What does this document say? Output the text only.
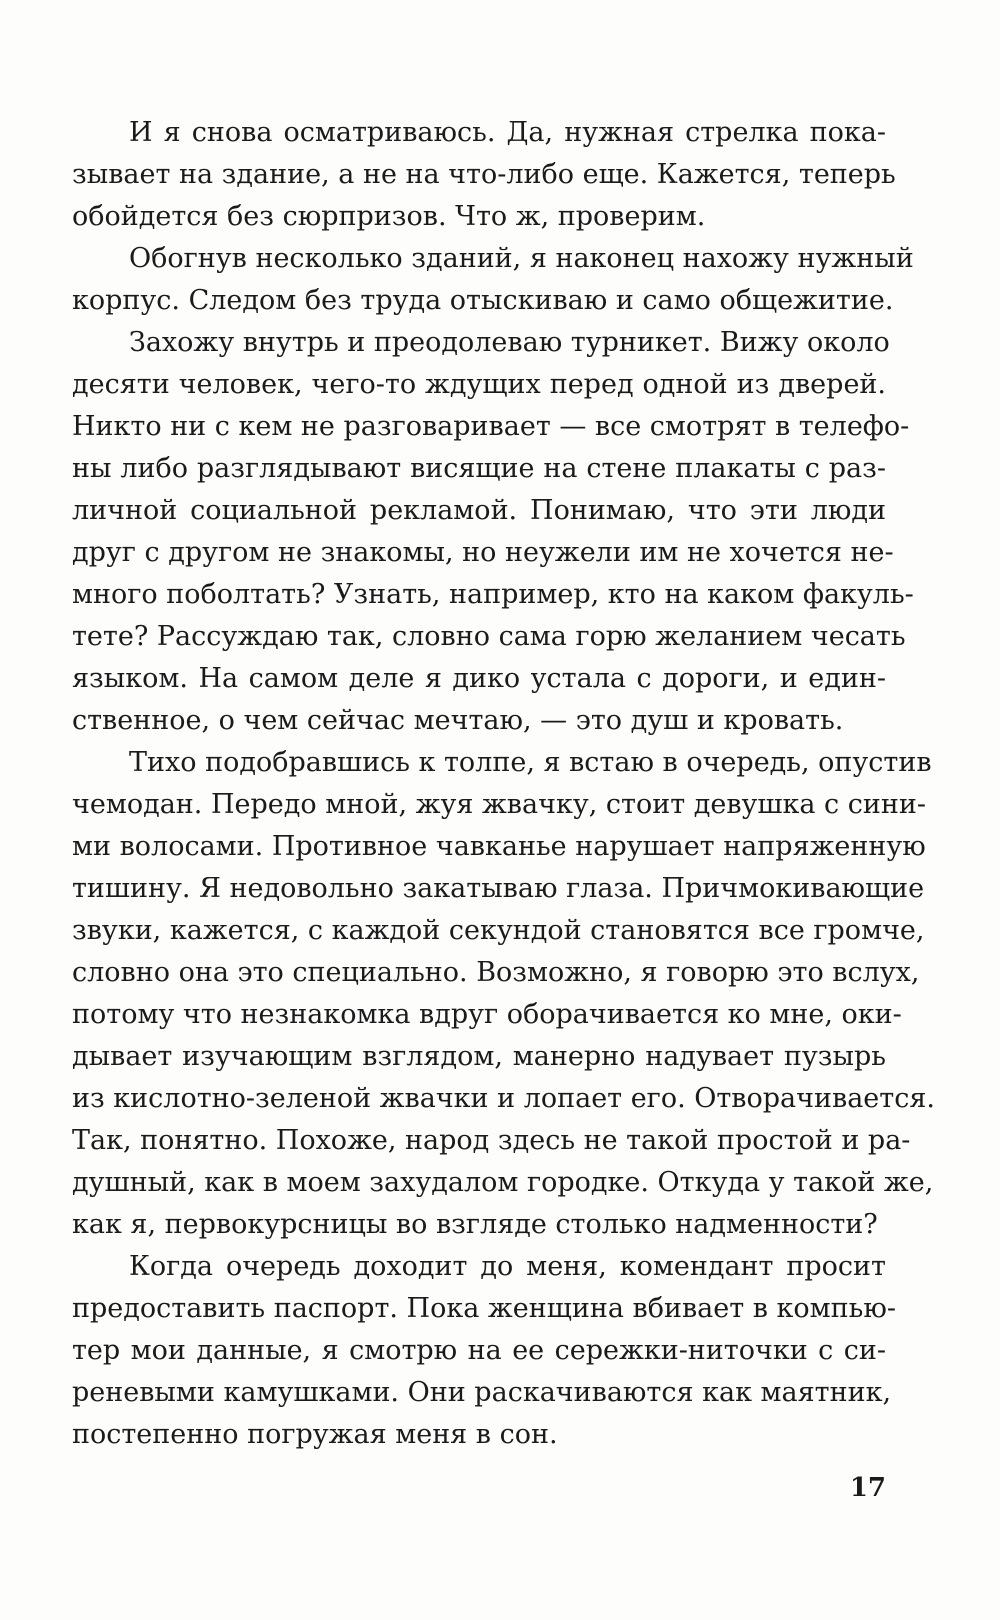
И я снова осматриваюсь. Да, нужная стрелка пока-
зывает на здание, а не на что-либо еще. Кажется, теперь
обойдется без сюрпризов. Что ж, проверим.
Обогнув несколько зданий, я наконец нахожу нужный
корпус. Следом без труда отыскиваю и само общежитие.
Захожу внутрь и преодолеваю турникет. Вижу около
десяти человек, чего-то ждущих перед одной из дверей.
Никто ни с кем не разговаривает — все смотрят в телефо-
ны либо разглядывают висящие на стене плакаты с раз-
личной социальной рекламой. Понимаю, что эти люди
друг с другом не знакомы, но неужели им не хочется не-
много поболтать? Узнать, например, кто на каком факуль-
тете? Рассуждаю так, словно сама горю желанием чесать
языком. На самом деле я дико устала с дороги, и един-
ственное, о чем сейчас мечтаю, — это душ и кровать.
Тихо подобравшись к толпе, я встаю в очередь, опустив
чемодан. Передо мной, жуя жвачку, стоит девушка с сини-
ми волосами. Противное чавканье нарушает напряженную
тишину. Я недовольно закатываю глаза. Причмокивающие
звуки, кажется, с каждой секундой становятся все громче,
словно она это специально. Возможно, я говорю это вслух,
потому что незнакомка вдруг оборачивается ко мне, оки-
дывает изучающим взглядом, манерно надувает пузырь
из кислотно-зеленой жвачки и лопает его. Отворачивается.
Так, понятно. Похоже, народ здесь не такой простой и ра-
душный, как в моем захудалом городке. Откуда у такой же,
как я, первокурсницы во взгляде столько надменности?
Когда очередь доходит до меня, комендант просит
предоставить паспорт. Пока женщина вбивает в компью-
тер мои данные, я смотрю на ее сережки-ниточки с си-
реневыми камушками. Они раскачиваются как маятник,
постепенно погружая меня в сон.
17
